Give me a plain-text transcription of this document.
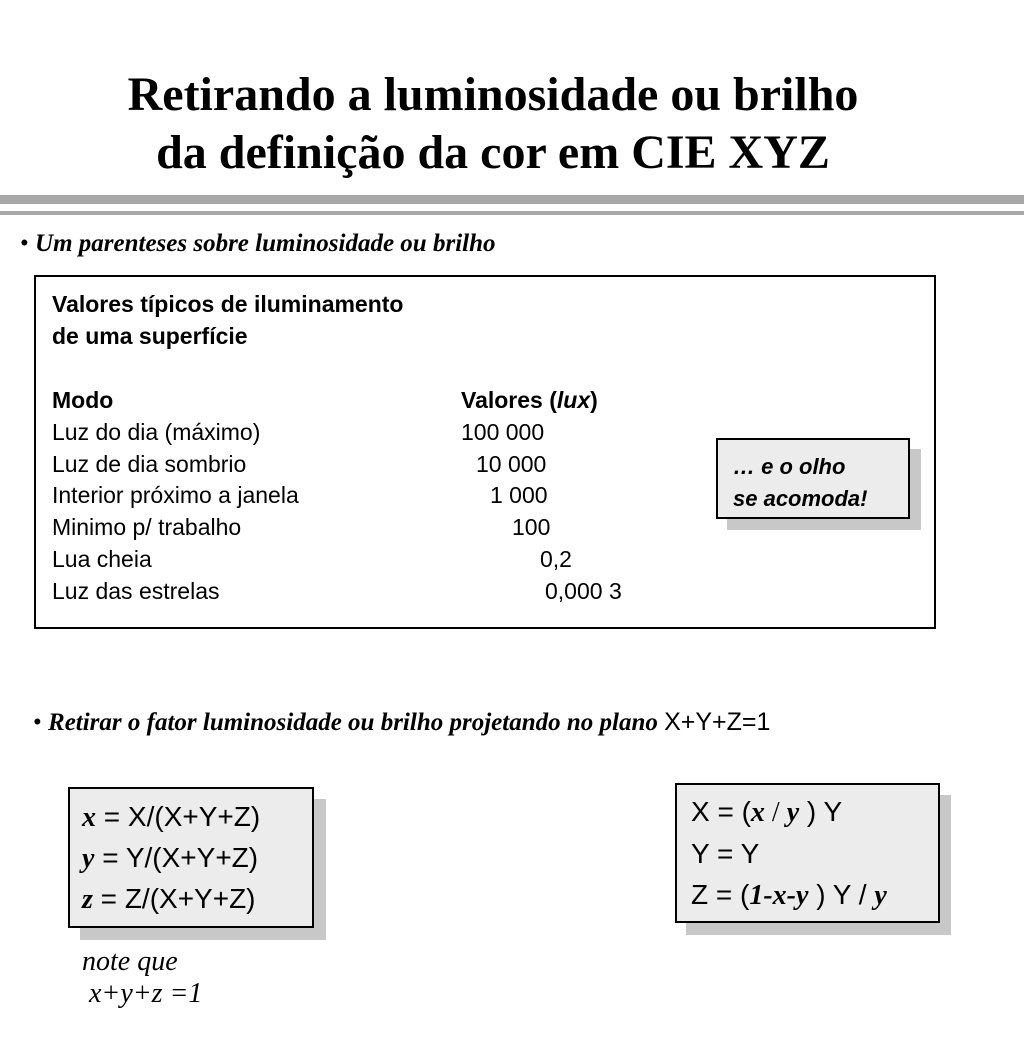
Retirando a luminosidade ou brilho
da definição da cor em CIE XYZ
• Um parenteses sobre luminosidade ou brilho
Valores típicos de iluminamento
de uma superfície
Modo	Valores (lux)
Luz do dia (máximo)	100 000
Luz de dia sombrio	10 000
Interior próximo a janela	1 000
Minimo p/ trabalho	100
Lua cheia	0,2
Luz das estrelas	0,000 3
… e o olho
se acomoda!
• Retirar o fator luminosidade ou brilho projetando no plano X+Y+Z=1
x = X/(X+Y+Z)
y = Y/(X+Y+Z)
z = Z/(X+Y+Z)
note que
x+y+z =1
X = (x / y ) Y
Y = Y
Z = (1-x-y ) Y / y
